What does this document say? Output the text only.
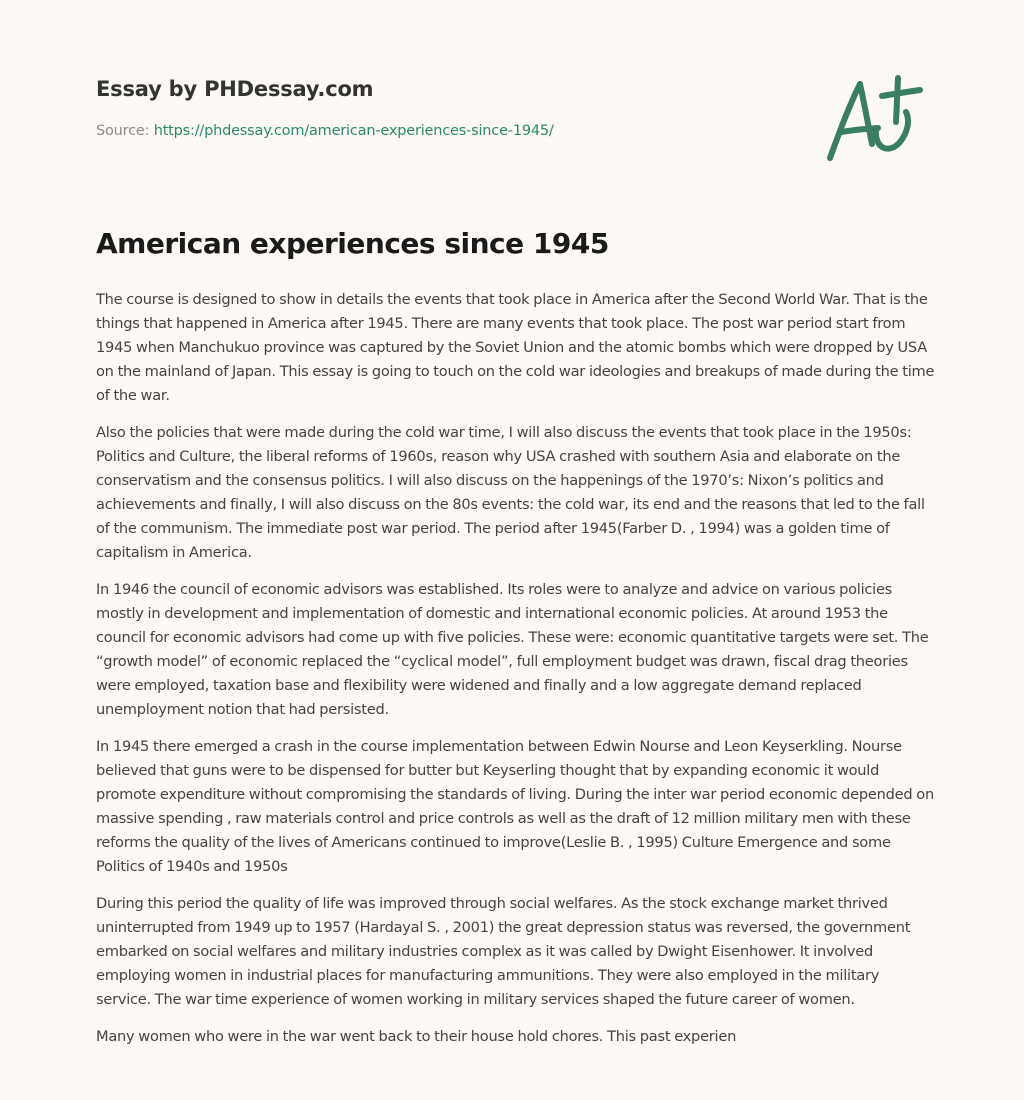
Essay by PHDessay.com
Source: https://phdessay.com/american-experiences-since-1945/
American experiences since 1945

The course is designed to show in details the events that took place in America after the Second World War. That is the things that happened in America after 1945. There are many events that took place. The post war period start from 1945 when Manchukuo province was captured by the Soviet Union and the atomic bombs which were dropped by USA on the mainland of Japan. This essay is going to touch on the cold war ideologies and breakups of made during the time of the war.

Also the policies that were made during the cold war time, I will also discuss the events that took place in the 1950s: Politics and Culture, the liberal reforms of 1960s, reason why USA crashed with southern Asia and elaborate on the conservatism and the consensus politics. I will also discuss on the happenings of the 1970’s: Nixon’s politics and achievements and finally, I will also discuss on the 80s events: the cold war, its end and the reasons that led to the fall of the communism. The immediate post war period. The period after 1945(Farber D. , 1994) was a golden time of capitalism in America.

In 1946 the council of economic advisors was established. Its roles were to analyze and advice on various policies mostly in development and implementation of domestic and international economic policies. At around 1953 the council for economic advisors had come up with five policies. These were: economic quantitative targets were set. The “growth model” of economic replaced the “cyclical model”, full employment budget was drawn, fiscal drag theories were employed, taxation base and flexibility were widened and finally and a low aggregate demand replaced unemployment notion that had persisted.

In 1945 there emerged a crash in the course implementation between Edwin Nourse and Leon Keyserkling. Nourse believed that guns were to be dispensed for butter but Keyserling thought that by expanding economic it would promote expenditure without compromising the standards of living. During the inter war period economic depended on massive spending , raw materials control and price controls as well as the draft of 12 million military men with these reforms the quality of the lives of Americans continued to improve(Leslie B. , 1995) Culture Emergence and some Politics of 1940s and 1950s

During this period the quality of life was improved through social welfares. As the stock exchange market thrived uninterrupted from 1949 up to 1957 (Hardayal S. , 2001) the great depression status was reversed, the government embarked on social welfares and military industries complex as it was called by Dwight Eisenhower. It involved employing women in industrial places for manufacturing ammunitions. They were also employed in the military service. The war time experience of women working in military services shaped the future career of women.

Many women who were in the war went back to their house hold chores. This past experien
